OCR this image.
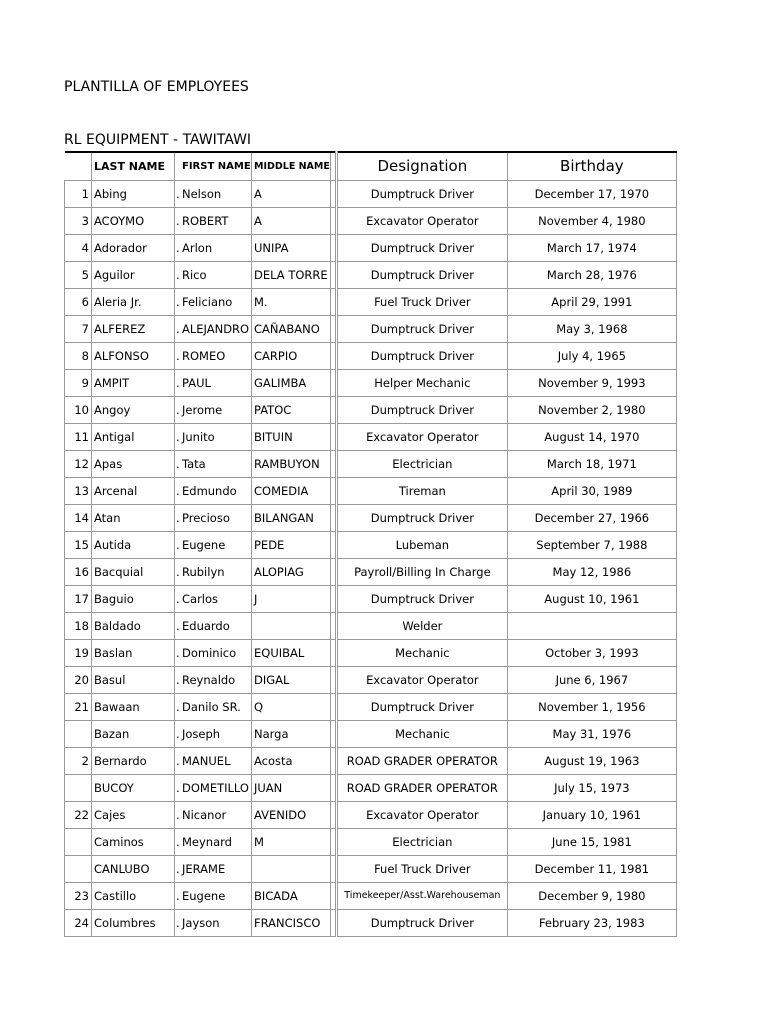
PLANTILLA OF EMPLOYEES
RL EQUIPMENT - TAWITAWI
	LAST NAME		FIRST NAME	MIDDLE NAME		Designation	Birthday
1	Abing	.	Nelson	A		Dumptruck Driver	December 17, 1970
3	ACOYMO	.	ROBERT	A		Excavator Operator	November 4, 1980
4	Adorador	.	Arlon	UNIPA		Dumptruck Driver	March 17, 1974
5	Aguilor	.	Rico	DELA TORRE		Dumptruck Driver	March 28, 1976
6	Aleria Jr.	.	Feliciano	M.		Fuel Truck Driver	April 29, 1991
7	ALFEREZ	.	ALEJANDRO	CAÑABANO		Dumptruck Driver	May 3, 1968
8	ALFONSO	.	ROMEO	CARPIO		Dumptruck Driver	July 4, 1965
9	AMPIT	.	PAUL	GALIMBA		Helper Mechanic	November 9, 1993
10	Angoy	.	Jerome	PATOC		Dumptruck Driver	November 2, 1980
11	Antigal	.	Junito	BITUIN		Excavator Operator	August 14, 1970
12	Apas	.	Tata	RAMBUYON		Electrician	March 18, 1971
13	Arcenal	.	Edmundo	COMEDIA		Tireman	April 30, 1989
14	Atan	.	Precioso	BILANGAN		Dumptruck Driver	December 27, 1966
15	Autida	.	Eugene	PEDE		Lubeman	September 7, 1988
16	Bacquial	.	Rubilyn	ALOPIAG		Payroll/Billing In Charge	May 12, 1986
17	Baguio	.	Carlos	J		Dumptruck Driver	August 10, 1961
18	Baldado	.	Eduardo			Welder	
19	Baslan	.	Dominico	EQUIBAL		Mechanic	October 3, 1993
20	Basul	.	Reynaldo	DIGAL		Excavator Operator	June 6, 1967
21	Bawaan	.	Danilo SR.	Q		Dumptruck Driver	November 1, 1956
	Bazan	.	Joseph	Narga		Mechanic	May 31, 1976
2	Bernardo	.	MANUEL	Acosta		ROAD GRADER OPERATOR	August 19, 1963
	BUCOY	.	DOMETILLO	JUAN		ROAD GRADER OPERATOR	July 15, 1973
22	Cajes	.	Nicanor	AVENIDO		Excavator Operator	January 10, 1961
	Caminos	.	Meynard	M		Electrician	June 15, 1981
	CANLUBO	.	JERAME			Fuel Truck Driver	December 11, 1981
23	Castillo	.	Eugene	BICADA		Timekeeper/Asst.Warehouseman	December 9, 1980
24	Columbres	.	Jayson	FRANCISCO		Dumptruck Driver	February 23, 1983
